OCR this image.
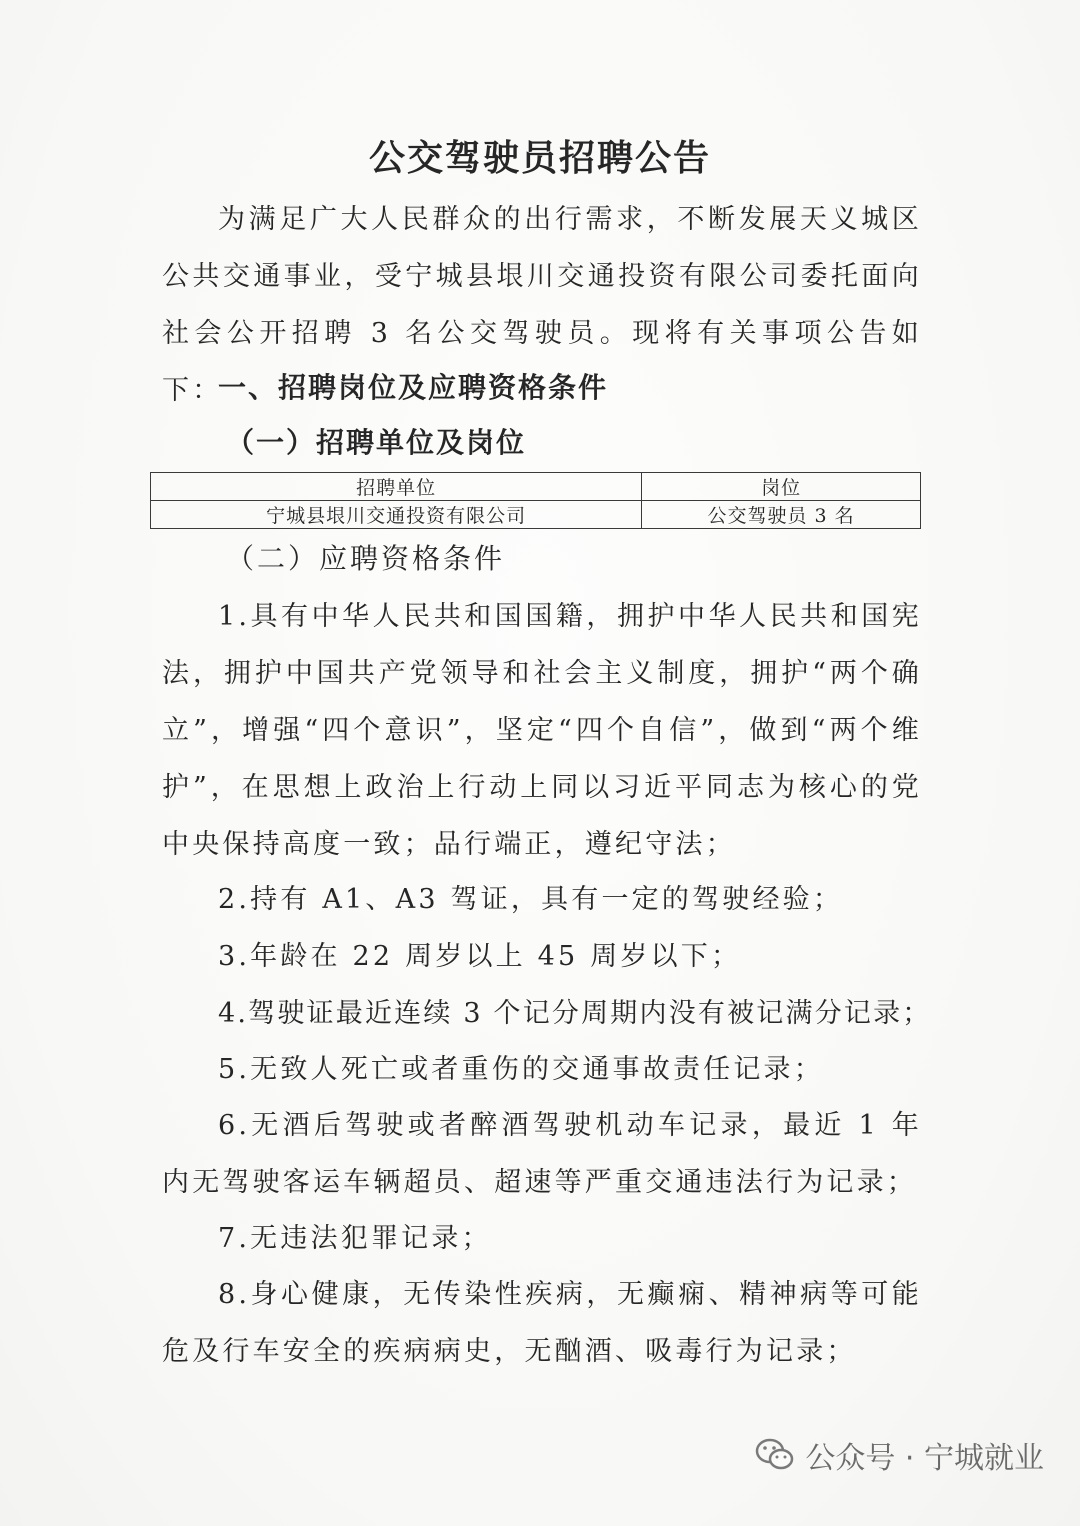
公交驾驶员招聘公告
为满足广大人民群众的出行需求，不断发展天义城区公共交通事业，受宁城县垠川交通投资有限公司委托面向社会公开招聘 3 名公交驾驶员。现将有关事项公告如下：
一、招聘岗位及应聘资格条件
（一）招聘单位及岗位
招聘单位	岗位
宁城县垠川交通投资有限公司	公交驾驶员 3 名
（二）应聘资格条件
1.具有中华人民共和国国籍，拥护中华人民共和国宪法，拥护中国共产党领导和社会主义制度，拥护“两个确立”，增强“四个意识”，坚定“四个自信”，做到“两个维护”，在思想上政治上行动上同以习近平同志为核心的党中央保持高度一致；品行端正，遵纪守法；
2.持有 A1、A3 驾证，具有一定的驾驶经验；
3.年龄在 22 周岁以上 45 周岁以下；
4.驾驶证最近连续 3 个记分周期内没有被记满分记录；
5.无致人死亡或者重伤的交通事故责任记录；
6.无酒后驾驶或者醉酒驾驶机动车记录，最近 1 年内无驾驶客运车辆超员、超速等严重交通违法行为记录；
7.无违法犯罪记录；
8.身心健康，无传染性疾病，无癫痫、精神病等可能危及行车安全的疾病病史，无酗酒、吸毒行为记录；
公众号 · 宁城就业
